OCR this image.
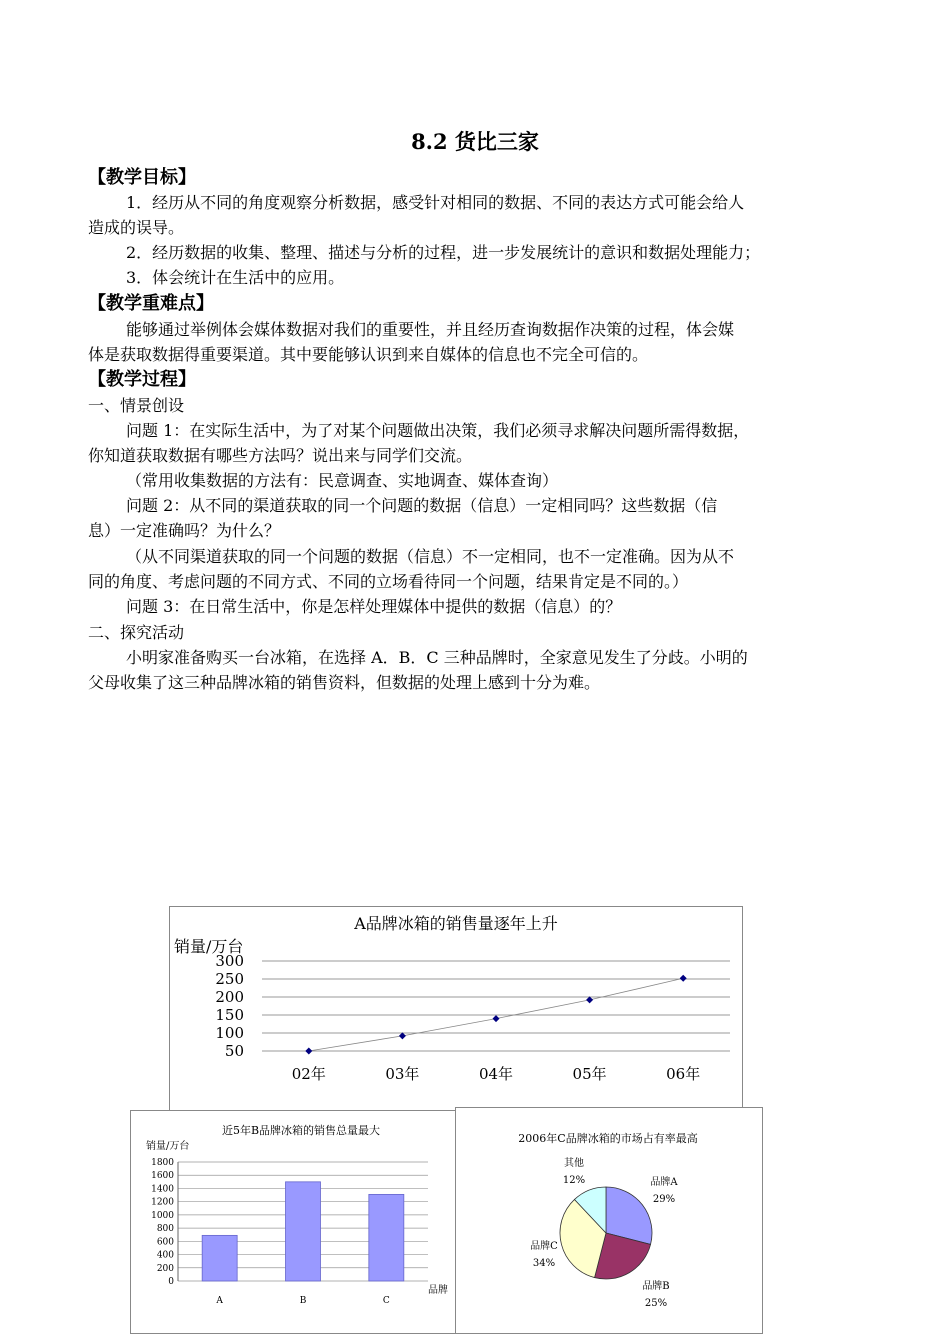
8.2 货比三家
【教学目标】
1．经历从不同的角度观察分析数据，感受针对相同的数据、不同的表达方式可能会给人
造成的误导。
2．经历数据的收集、整理、描述与分析的过程，进一步发展统计的意识和数据处理能力；
3．体会统计在生活中的应用。
【教学重难点】
能够通过举例体会媒体数据对我们的重要性，并且经历查询数据作决策的过程，体会媒
体是获取数据得重要渠道。其中要能够认识到来自媒体的信息也不完全可信的。
【教学过程】
一、情景创设
问题 1：在实际生活中，为了对某个问题做出决策，我们必须寻求解决问题所需得数据，
你知道获取数据有哪些方法吗？说出来与同学们交流。
（常用收集数据的方法有：民意调查、实地调查、媒体查询）
问题 2：从不同的渠道获取的同一个问题的数据（信息）一定相同吗？这些数据（信
息）一定准确吗？为什么？
（从不同渠道获取的同一个问题的数据（信息）不一定相同，也不一定准确。因为从不
同的角度、考虑问题的不同方式、不同的立场看待同一个问题，结果肯定是不同的。）
问题 3：在日常生活中，你是怎样处理媒体中提供的数据（信息）的？
二、探究活动
小明家准备购买一台冰箱，在选择 A．B．C 三种品牌时，全家意见发生了分歧。小明的
父母收集了这三种品牌冰箱的销售资料，但数据的处理上感到十分为难。
A品牌冰箱的销售量逐年上升
销量/万台
300
250
200
150
100
50
02年	03年	04年	05年	06年
近5年B品牌冰箱的销售总量最大
销量/万台
品牌
1800
1600
1400
1200
1000
800
600
400
200
0
A	B	C
2006年C品牌冰箱的市场占有率最高
品牌A
29%
品牌B
25%
品牌C
34%
其他
12%
